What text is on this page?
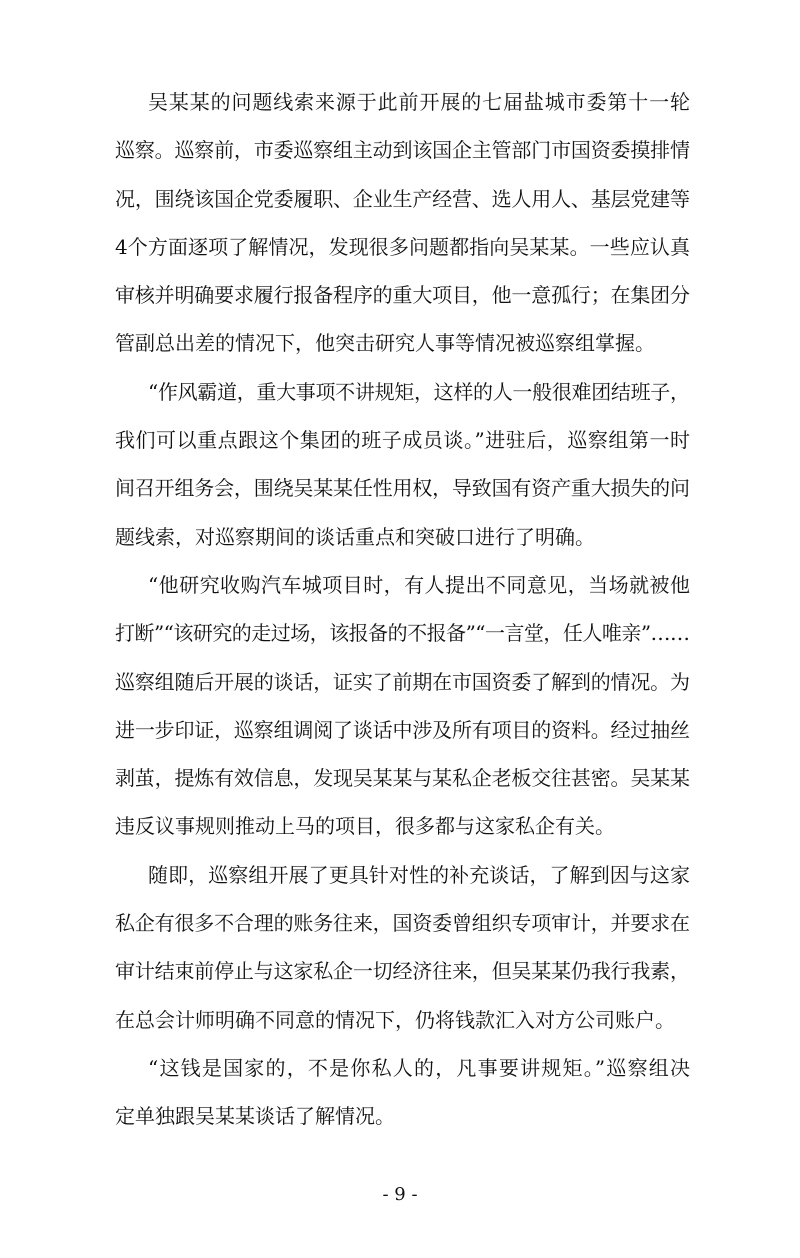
吴某某的问题线索来源于此前开展的七届盐城市委第十一轮
巡察。巡察前，市委巡察组主动到该国企主管部门市国资委摸排情
况，围绕该国企党委履职、企业生产经营、选人用人、基层党建等
4个方面逐项了解情况，发现很多问题都指向吴某某。一些应认真
审核并明确要求履行报备程序的重大项目，他一意孤行；在集团分
管副总出差的情况下，他突击研究人事等情况被巡察组掌握。
“作风霸道，重大事项不讲规矩，这样的人一般很难团结班子，
我们可以重点跟这个集团的班子成员谈。”进驻后，巡察组第一时
间召开组务会，围绕吴某某任性用权，导致国有资产重大损失的问
题线索，对巡察期间的谈话重点和突破口进行了明确。
“他研究收购汽车城项目时，有人提出不同意见，当场就被他
打断”“该研究的走过场，该报备的不报备”“一言堂，任人唯亲”……
巡察组随后开展的谈话，证实了前期在市国资委了解到的情况。为
进一步印证，巡察组调阅了谈话中涉及所有项目的资料。经过抽丝
剥茧，提炼有效信息，发现吴某某与某私企老板交往甚密。吴某某
违反议事规则推动上马的项目，很多都与这家私企有关。
随即，巡察组开展了更具针对性的补充谈话，了解到因与这家
私企有很多不合理的账务往来，国资委曾组织专项审计，并要求在
审计结束前停止与这家私企一切经济往来，但吴某某仍我行我素，
在总会计师明确不同意的情况下，仍将钱款汇入对方公司账户。
“这钱是国家的，不是你私人的，凡事要讲规矩。”巡察组决
定单独跟吴某某谈话了解情况。
- 9 -
